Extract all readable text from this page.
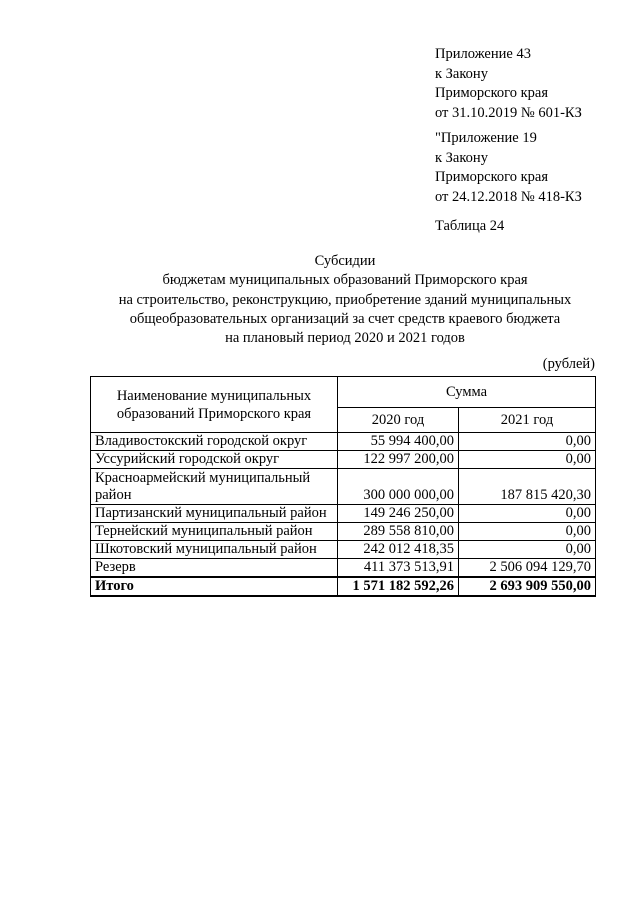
Приложение 43
к Закону
Приморского края
от 31.10.2019 № 601-КЗ
"Приложение 19
к Закону
Приморского края
от 24.12.2018 № 418-КЗ
Таблица 24
Субсидии
бюджетам муниципальных образований Приморского края
на строительство, реконструкцию, приобретение зданий муниципальных
общеобразовательных организаций за счет средств краевого бюджета
на плановый период 2020 и 2021 годов
(рублей)
Наименование муниципальных образований Приморского края	Сумма	
	2020 год	2021 год
Владивостокский городской округ	55 994 400,00	0,00
Уссурийский городской округ	122 997 200,00	0,00
Красноармейский муниципальный район	300 000 000,00	187 815 420,30
Партизанский муниципальный район	149 246 250,00	0,00
Тернейский муниципальный район	289 558 810,00	0,00
Шкотовский муниципальный район	242 012 418,35	0,00
Резерв	411 373 513,91	2 506 094 129,70
Итого	1 571 182 592,26	2 693 909 550,00
